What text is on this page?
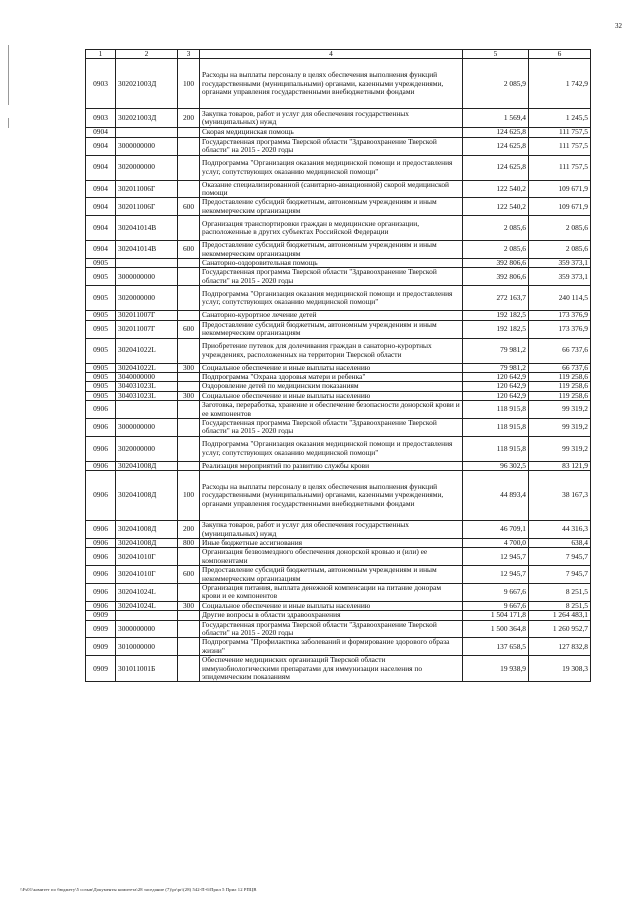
32
1	2	3	4	5	6
0903	302021003Д	100	Расходы на выплаты персоналу в целях обеспечения выполнения функций государственными (муниципальными) органами, казенными учреждениями, органами управления государственными внебюджетными фондами	2 085,9	1 742,9
0903	302021003Д	200	Закупка товаров, работ и услуг для обеспечения государственных (муниципальных) нужд	1 569,4	1 245,5
0904			Скорая медицинская помощь	124 625,8	111 757,5
0904	3000000000		Государственная программа Тверской области "Здравоохранение Тверской области" на 2015 - 2020 годы	124 625,8	111 757,5
0904	3020000000		Подпрограмма "Организация оказания медицинской помощи и предоставления услуг, сопутствующих оказанию медицинской помощи"	124 625,8	111 757,5
0904	302011006Г		Оказание специализированной (санитарно-авиационной) скорой медицинской помощи	122 540,2	109 671,9
0904	302011006Г	600	Предоставление субсидий бюджетным, автономным учреждениям и иным некоммерческим организациям	122 540,2	109 671,9
0904	302041014В		Организация транспортировки граждан в медицинские организации, расположенные в других субъектах Российской Федерации	2 085,6	2 085,6
0904	302041014В	600	Предоставление субсидий бюджетным, автономным учреждениям и иным некоммерческим организациям	2 085,6	2 085,6
0905			Санаторно-оздоровительная помощь	392 806,6	359 373,1
0905	3000000000		Государственная программа Тверской области "Здравоохранение Тверской области" на 2015 - 2020 годы	392 806,6	359 373,1
0905	3020000000		Подпрограмма "Организация оказания медицинской помощи и предоставления услуг, сопутствующих оказанию медицинской помощи"	272 163,7	240 114,5
0905	302011007Г		Санаторно-курортное лечение детей	192 182,5	173 376,9
0905	302011007Г	600	Предоставление субсидий бюджетным, автономным учреждениям и иным некоммерческим организациям	192 182,5	173 376,9
0905	302041022L		Приобретение путевок для долечивания граждан в санаторно-курортных учреждениях, расположенных на территории Тверской области	79 981,2	66 737,6
0905	302041022L	300	Социальное обеспечение и иные выплаты населению	79 981,2	66 737,6
0905	3040000000		Подпрограмма "Охрана здоровья матери и ребенка"	120 642,9	119 258,6
0905	304031023L		Оздоровление детей по медицинским показаниям	120 642,9	119 258,6
0905	304031023L	300	Социальное обеспечение и иные выплаты населению	120 642,9	119 258,6
0906			Заготовка, переработка, хранение и обеспечение безопасности донорской крови и ее компонентов	118 915,8	99 319,2
0906	3000000000		Государственная программа Тверской области "Здравоохранение Тверской области" на 2015 - 2020 годы	118 915,8	99 319,2
0906	3020000000		Подпрограмма "Организация оказания медицинской помощи и предоставления услуг, сопутствующих оказанию медицинской помощи"	118 915,8	99 319,2
0906	302041008Д		Реализация мероприятий по развитию службы крови	96 302,5	83 121,9
0906	302041008Д	100	Расходы на выплаты персоналу в целях обеспечения выполнения функций государственными (муниципальными) органами, казенными учреждениями, органами управления государственными внебюджетными фондами	44 893,4	38 167,3
0906	302041008Д	200	Закупка товаров, работ и услуг для обеспечения государственных (муниципальных) нужд	46 709,1	44 316,3
0906	302041008Д	800	Иные бюджетные ассигнования	4 700,0	638,4
0906	302041010Г		Организация безвозмездного обеспечения донорской кровью и (или) ее компонентами	12 945,7	7 945,7
0906	302041010Г	600	Предоставление субсидий бюджетным, автономным учреждениям и иным некоммерческим организациям	12 945,7	7 945,7
0906	302041024L		Организация питания, выплата денежной компенсации на питание донорам крови и ее компонентов	9 667,6	8 251,5
0906	302041024L	300	Социальное обеспечение и иные выплаты населению	9 667,6	8 251,5
0909			Другие вопросы в области здравоохранения	1 504 171,8	1 264 483,1
0909	3000000000		Государственная программа Тверской области "Здравоохранение Тверской области" на 2015 - 2020 годы	1 500 364,8	1 260 952,7
0909	3010000000		Подпрограмма "Профилактика заболеваний и формирование здорового образа жизни"	137 658,5	127 832,8
0909	301011001Б		Обеспечение медицинских организаций Тверской области иммунобиологическими препаратами для иммунизации населения по эпидемическим показаниям	19 938,9	19 308,3
\\Fs01\комитет по бюджету\5 созыв\Документы комитета\28 заседание (7)\pr\pr\(28) 542-П-6\Прил 5 Прил 12 РПЦВ
